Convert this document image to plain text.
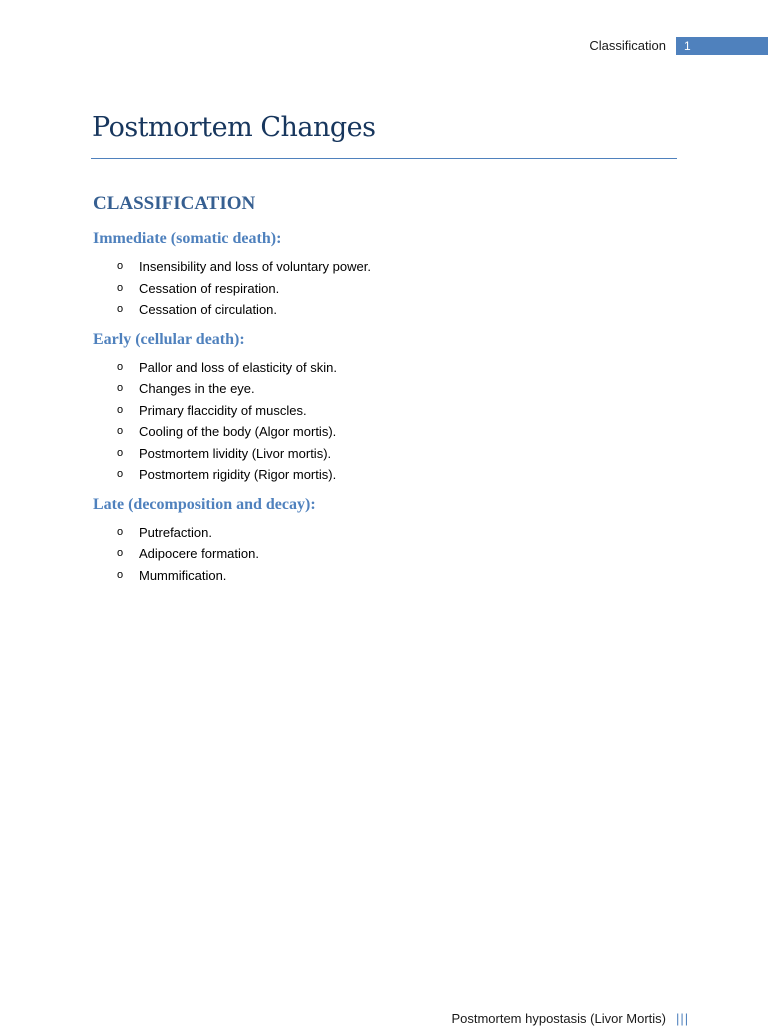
Classification	1
Postmortem Changes
CLASSIFICATION
Immediate (somatic death):
o Insensibility and loss of voluntary power.
o Cessation of respiration.
o Cessation of circulation.
Early (cellular death):
o Pallor and loss of elasticity of skin.
o Changes in the eye.
o Primary flaccidity of muscles.
o Cooling of the body (Algor mortis).
o Postmortem lividity (Livor mortis).
o Postmortem rigidity (Rigor mortis).
Late (decomposition and decay):
o Putrefaction.
o Adipocere formation.
o Mummification.
Postmortem hypostasis (Livor Mortis) |||
